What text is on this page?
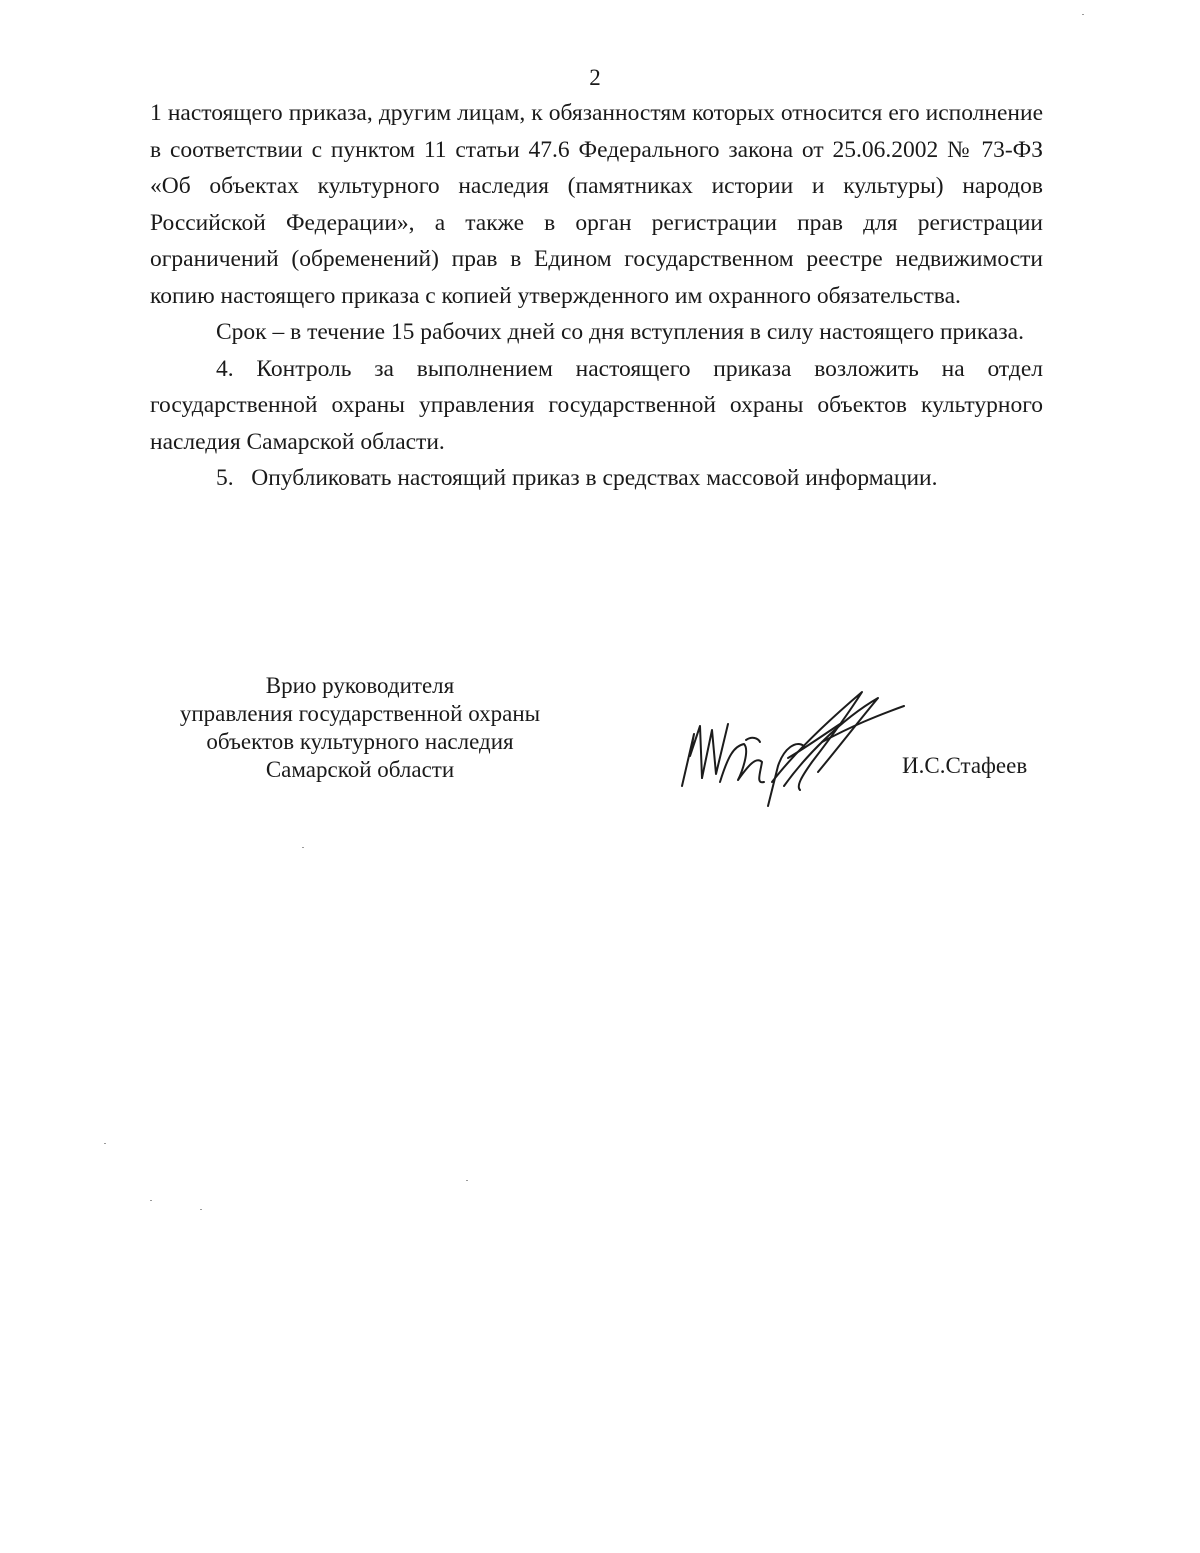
2

1 настоящего приказа, другим лицам, к обязанностям которых относится его исполнение в соответствии с пунктом 11 статьи 47.6 Федерального закона от 25.06.2002 № 73-ФЗ «Об объектах культурного наследия (памятниках истории и культуры) народов Российской Федерации», а также в орган регистрации прав для регистрации ограничений (обременений) прав в Едином государственном реестре недвижимости копию настоящего приказа с копией утвержденного им охранного обязательства.

Срок – в течение 15 рабочих дней со дня вступления в силу настоящего приказа.

4. Контроль за выполнением настоящего приказа возложить на отдел государственной охраны управления государственной охраны объектов культурного наследия Самарской области.

5.   Опубликовать настоящий приказ в средствах массовой информации.

Врио руководителя
управления государственной охраны
объектов культурного наследия
Самарской области	И.С.Стафеев
